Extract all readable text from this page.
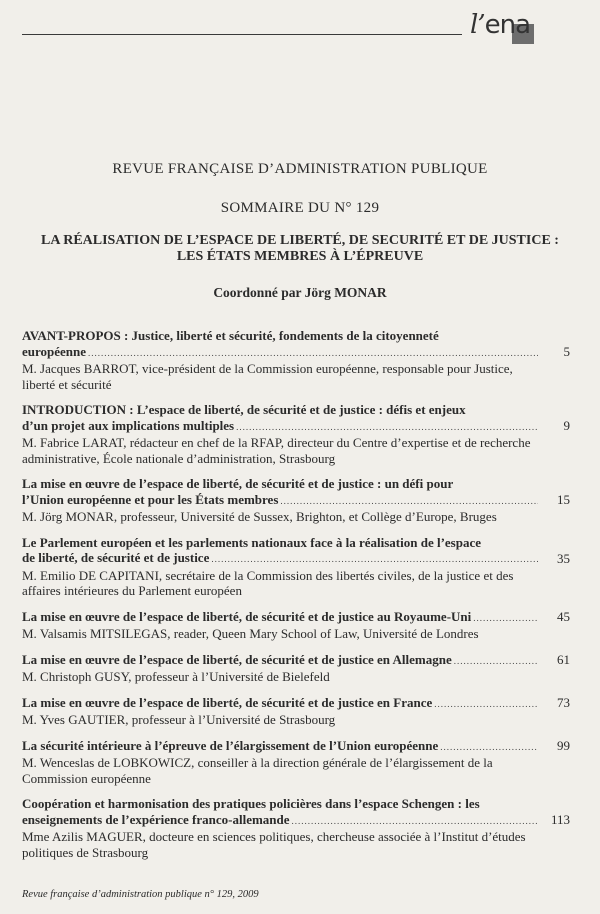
l’ena
REVUE FRANÇAISE D’ADMINISTRATION PUBLIQUE
SOMMAIRE DU N° 129
LA RÉALISATION DE L’ESPACE DE LIBERTÉ, DE SECURITÉ ET DE JUSTICE :
LES ÉTATS MEMBRES À L’ÉPREUVE
Coordonné par Jörg MONAR
AVANT-PROPOS : Justice, liberté et sécurité, fondements de la citoyenneté
européenne .....	5
M. Jacques BARROT, vice-président de la Commission européenne, responsable pour Justice, liberté et sécurité
INTRODUCTION : L’espace de liberté, de sécurité et de justice : défis et enjeux
d’un projet aux implications multiples .....	9
M. Fabrice LARAT, rédacteur en chef de la RFAP, directeur du Centre d’expertise et de recherche administrative, École nationale d’administration, Strasbourg
La mise en œuvre de l’espace de liberté, de sécurité et de justice : un défi pour
l’Union européenne et pour les États membres .....	15
M. Jörg MONAR, professeur, Université de Sussex, Brighton, et Collège d’Europe, Bruges
Le Parlement européen et les parlements nationaux face à la réalisation de l’espace
de liberté, de sécurité et de justice .....	35
M. Emilio DE CAPITANI, secrétaire de la Commission des libertés civiles, de la justice et des affaires intérieures du Parlement européen
La mise en œuvre de l’espace de liberté, de sécurité et de justice au Royaume-Uni .....	45
M. Valsamis MITSILEGAS, reader, Queen Mary School of Law, Université de Londres
La mise en œuvre de l’espace de liberté, de sécurité et de justice en Allemagne .....	61
M. Christoph GUSY, professeur à l’Université de Bielefeld
La mise en œuvre de l’espace de liberté, de sécurité et de justice en France .....	73
M. Yves GAUTIER, professeur à l’Université de Strasbourg
La sécurité intérieure à l’épreuve de l’élargissement de l’Union européenne .....	99
M. Wenceslas de LOBKOWICZ, conseiller à la direction générale de l’élargissement de la Commission européenne
Coopération et harmonisation des pratiques policières dans l’espace Schengen : les
enseignements de l’expérience franco-allemande .....	113
Mme Azilis MAGUER, docteure en sciences politiques, chercheuse associée à l’Institut d’études politiques de Strasbourg
Revue française d’administration publique n° 129, 2009
